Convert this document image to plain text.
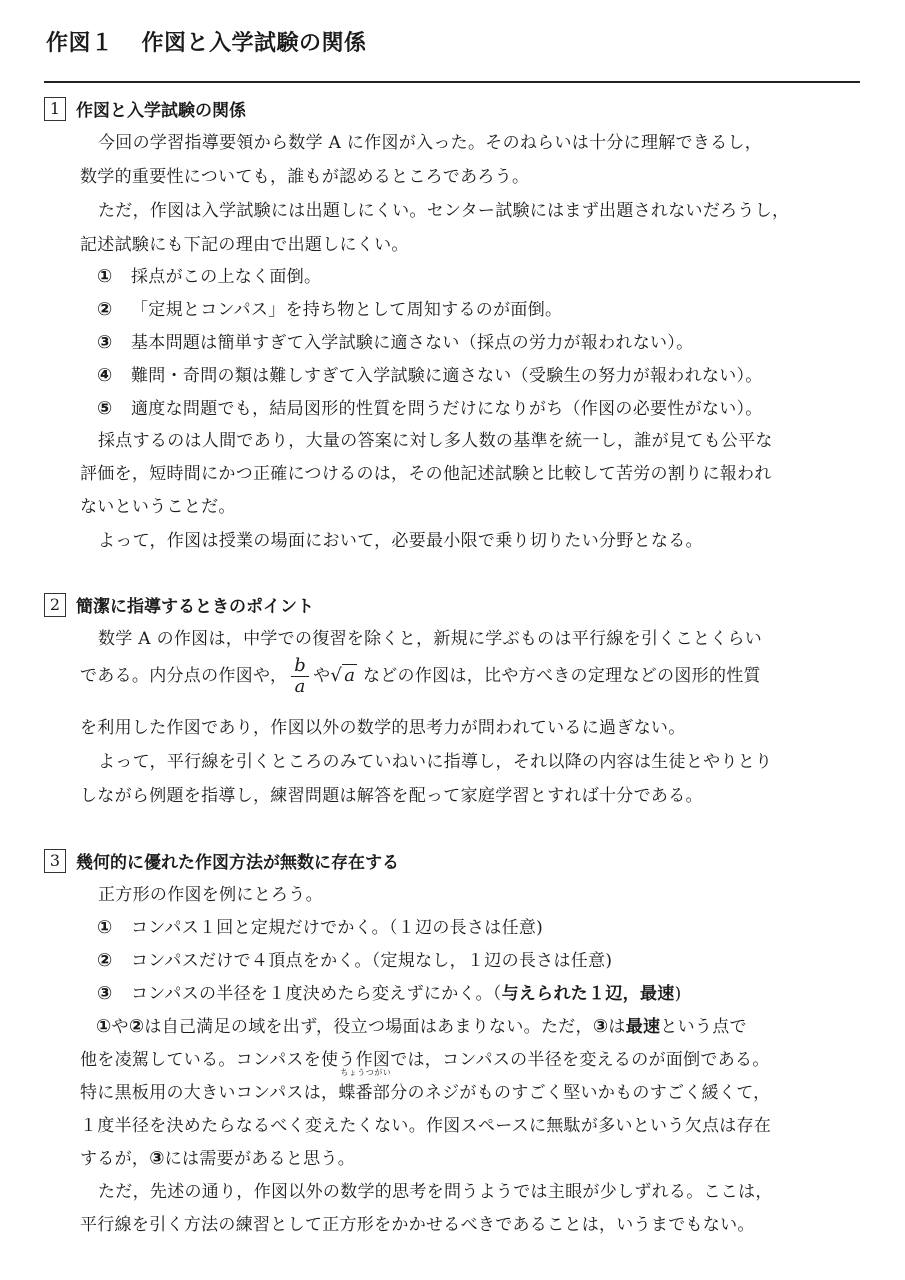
作図１ 作図と入学試験の関係
1 作図と入学試験の関係
今回の学習指導要領から数学 A に作図が入った。そのねらいは十分に理解できるし，
数学的重要性についても，誰もが認めるところであろう。
ただ，作図は入学試験には出題しにくい。センター試験にはまず出題されないだろうし，
記述試験にも下記の理由で出題しにくい。
① 採点がこの上なく面倒。
② 「定規とコンパス」を持ち物として周知するのが面倒。
③ 基本問題は簡単すぎて入学試験に適さない（採点の労力が報われない）。
④ 難問・奇問の類は難しすぎて入学試験に適さない（受験生の努力が報われない）。
⑤ 適度な問題でも，結局図形的性質を問うだけになりがち（作図の必要性がない）。
採点するのは人間であり，大量の答案に対し多人数の基準を統一し，誰が見ても公平な
評価を，短時間にかつ正確につけるのは，その他記述試験と比較して苦労の割りに報われ
ないということだ。
よって，作図は授業の場面において，必要最小限で乗り切りたい分野となる。
2 簡潔に指導するときのポイント
数学 A の作図は，中学での復習を除くと，新規に学ぶものは平行線を引くことくらい
である。内分点の作図や， $\frac{b}{a}$ や√ a などの作図は，比や方べきの定理などの図形的性質
を利用した作図であり，作図以外の数学的思考力が問われているに過ぎない。
よって，平行線を引くところのみていねいに指導し，それ以降の内容は生徒とやりとり
しながら例題を指導し，練習問題は解答を配って家庭学習とすれば十分である。
3 幾何的に優れた作図方法が無数に存在する
正方形の作図を例にとろう。
① コンパス１回と定規だけでかく。（１辺の長さは任意)
② コンパスだけで４頂点をかく。（定規なし，１辺の長さは任意)
③ コンパスの半径を１度決めたら変えずにかく。（与えられた１辺，最速)
①や②は自己満足の域を出ず，役立つ場面はあまりない。ただ，③は最速という点で
他を凌駕している。コンパスを使う作図では，コンパスの半径を変えるのが面倒である。
特に黒板用の大きいコンパスは，
ちょうつがい
蝶番部分のネジがものすごく堅いかものすごく緩くて，
１度半径を決めたらなるべく変えたくない。作図スペースに無駄が多いという欠点は存在
するが，③には需要があると思う。
ただ，先述の通り，作図以外の数学的思考を問うようでは主眼が少しずれる。ここは，
平行線を引く方法の練習として正方形をかかせるべきであることは，いうまでもない。
